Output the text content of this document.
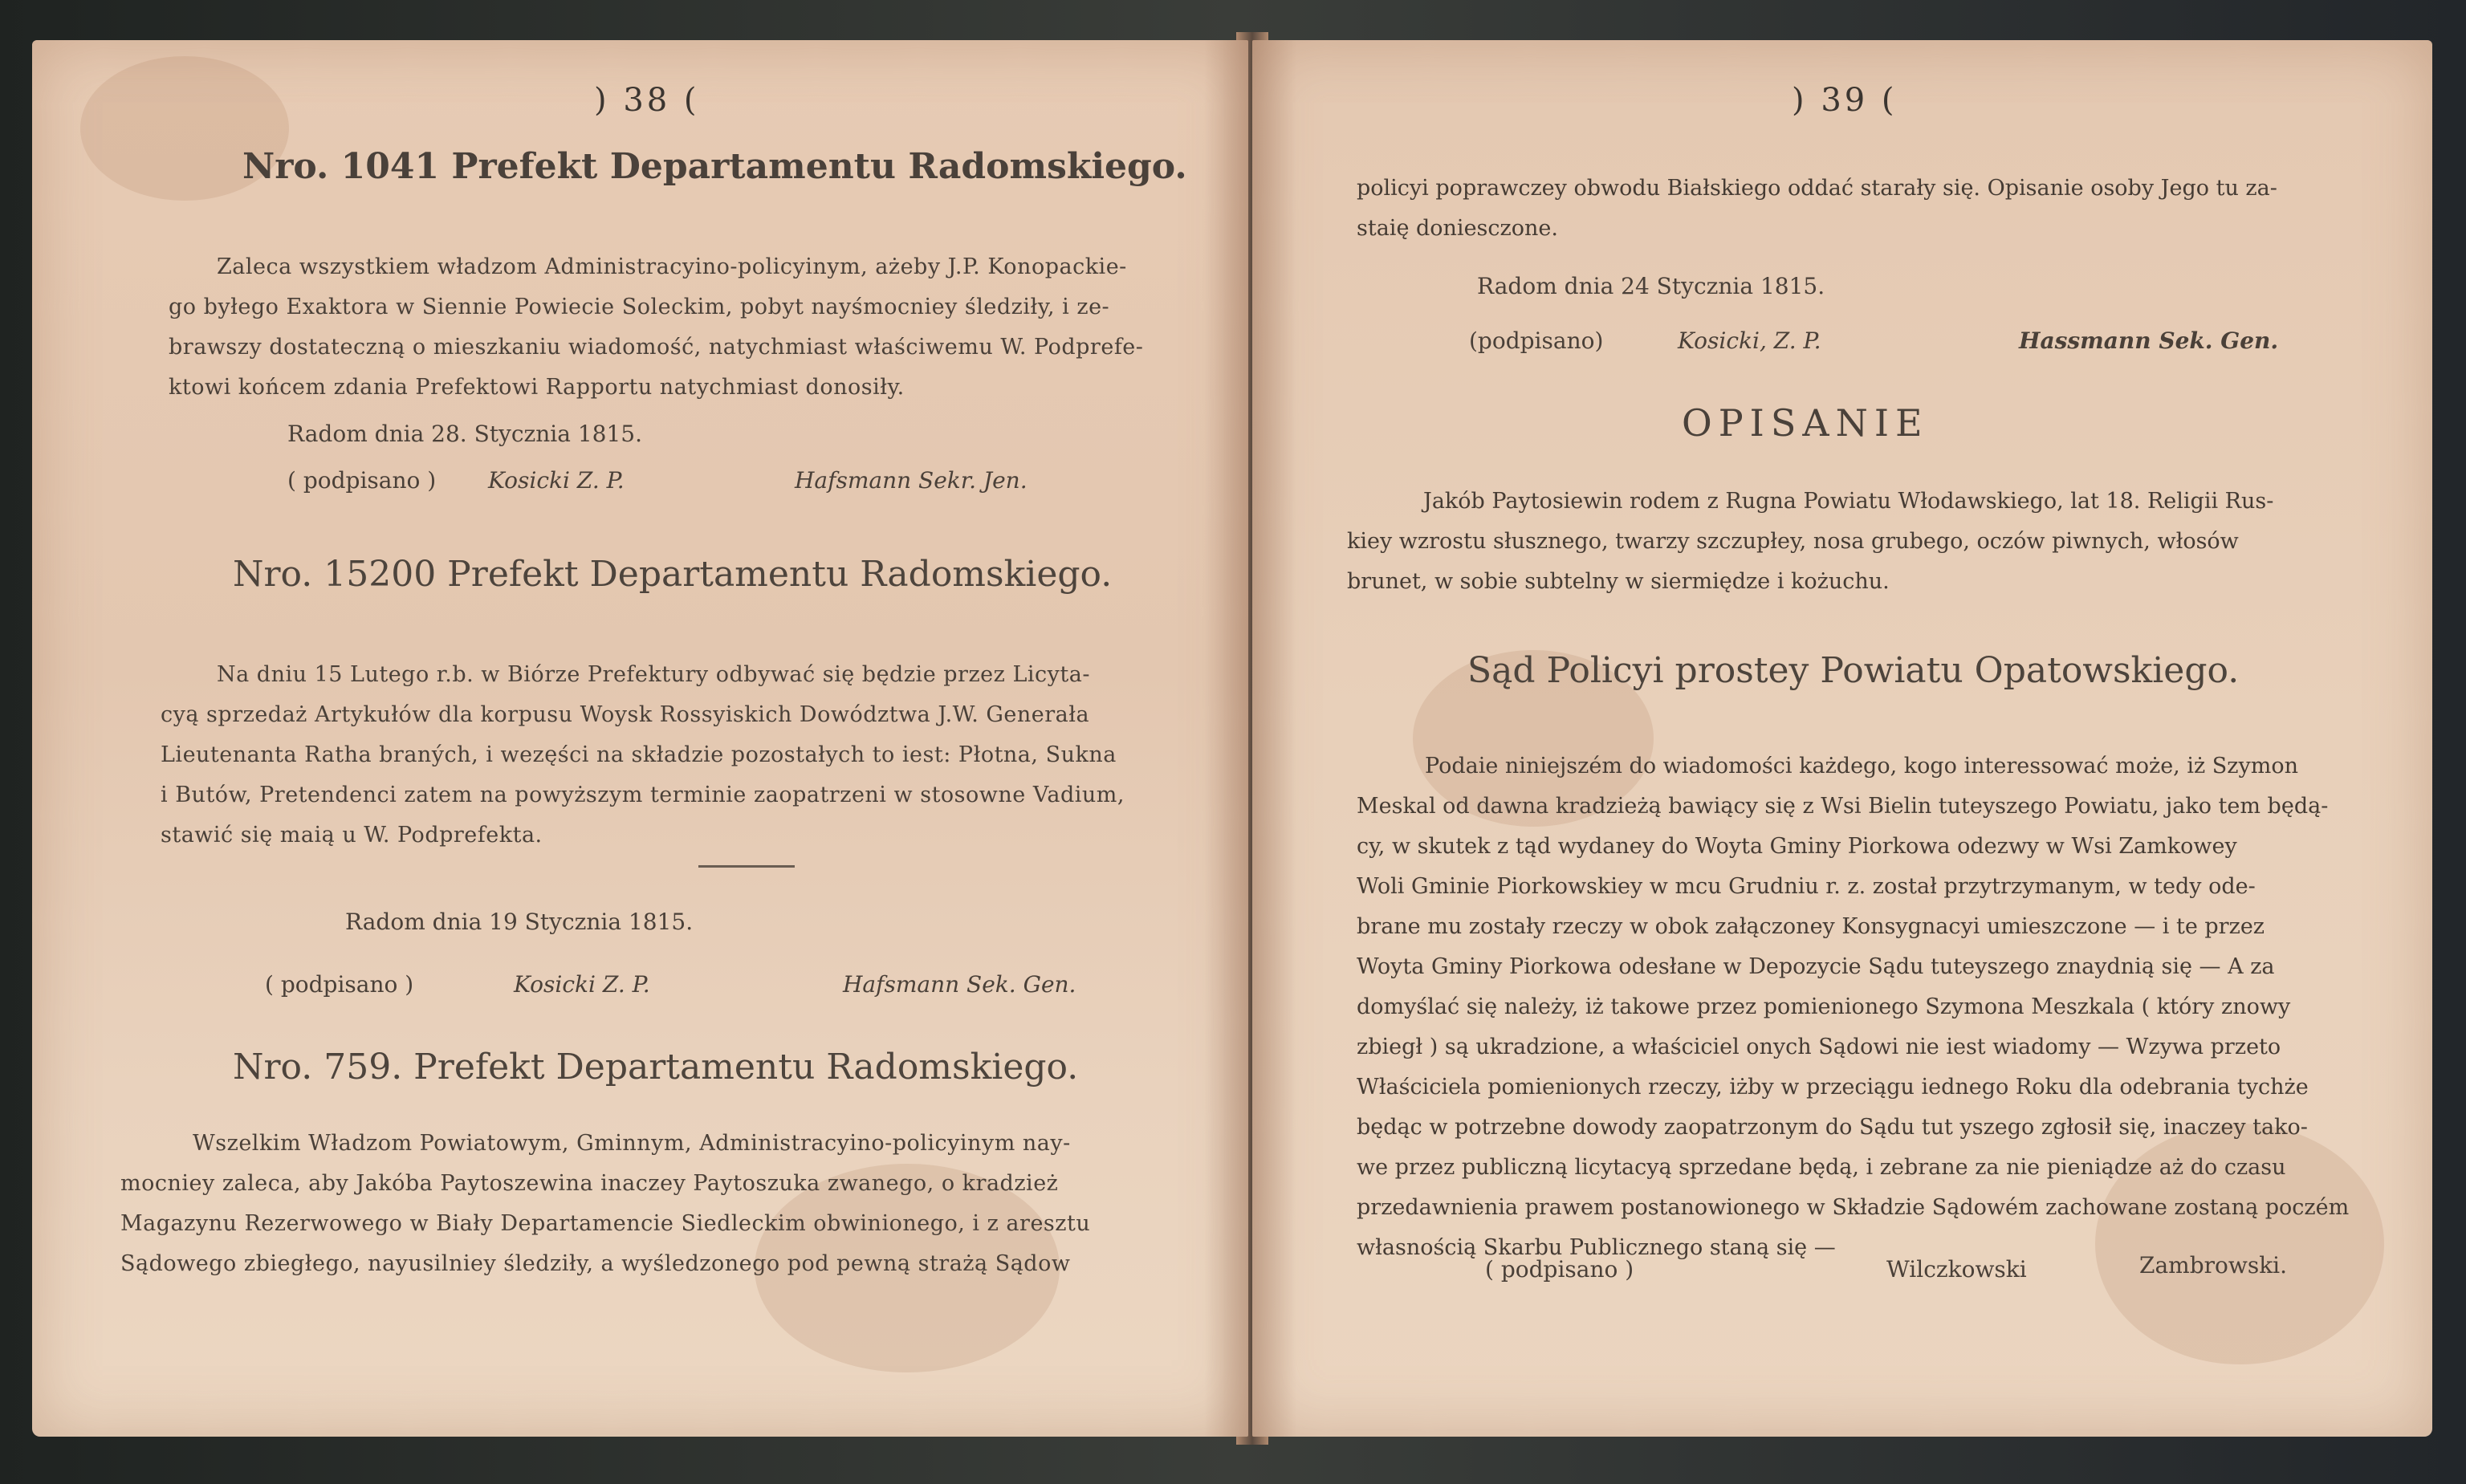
) 38 (
Nro. 1041 Prefekt Departamentu Radomskiego.
Zaleca wszystkiem władzom Administracyino-policyinym, ażeby J.P. Konopackie-
go byłego Exaktora w Siennie Powiecie Soleckim, pobyt nayśmocniey śledziły, i ze-
brawszy dostateczną o mieszkaniu wiadomość, natychmiast właściwemu W. Podprefe-
ktowi końcem zdania Prefektowi Rapportu natychmiast donosiły.
Radom dnia 28. Stycznia 1815.
( podpisano ) Kosicki Z. P.	Hafsmann Sekr. Jen.
Nro. 15200 Prefekt Departamentu Radomskiego.
Na dniu 15 Lutego r.b. w Biórze Prefektury odbywać się będzie przez Licyta-
cyą sprzedaż Artykułów dla korpusu Woysk Rossyiskich Dowództwa J.W. Generała
Lieutenanta Ratha braných, i wezęści na składzie pozostałych to iest: Płotna, Sukna
i Butów, Pretendenci zatem na powyższym terminie zaopatrzeni w stosowne Vadium,
stawić się maią u W. Podprefekta.
Radom dnia 19 Stycznia 1815.
( podpisano )	Kosicki Z. P.	Hafsmann Sek. Gen.
Nro. 759. Prefekt Departamentu Radomskiego.
Wszelkim Władzom Powiatowym, Gminnym, Administracyino-policyinym nay-
mocniey zaleca, aby Jakóba Paytoszewina inaczey Paytoszuka zwanego, o kradzież
Magazynu Rezerwowego w Biały Departamencie Siedleckim obwinionego, i z aresztu
Sądowego zbiegłego, nayusilniey śledziły, a wyśledzonego pod pewną strażą Sądow
) 39 (
policyi poprawczey obwodu Białskiego oddać starały się. Opisanie osoby Jego tu za-
staię doniesczone.
Radom dnia 24 Stycznia 1815.
(podpisano)	Kosicki, Z. P.	Hassmann Sek. Gen.
OPISANIE
Jakób Paytosiewin rodem z Rugna Powiatu Włodawskiego, lat 18. Religii Rus-
kiey wzrostu słusznego, twarzy szczupłey, nosa grubego, oczów piwnych, włosów
brunet, w sobie subtelny w siermiędze i kożuchu.
Sąd Policyi prostey Powiatu Opatowskiego.
Podaie niniejszém do wiadomości każdego, kogo interessować może, iż Szymon
Meskal od dawna kradzieżą bawiący się z Wsi Bielin tuteyszego Powiatu, jako tem będą-
cy, w skutek z tąd wydaney do Woyta Gminy Piorkowa odezwy w Wsi Zamkowey
Woli Gminie Piorkowskiey w mcu Grudniu r. z. został przytrzymanym, w tedy ode-
brane mu zostały rzeczy w obok załączoney Konsygnacyi umieszczone — i te przez
Woyta Gminy Piorkowa odesłane w Depozycie Sądu tuteyszego znaydnią się — A za
domyślać się należy, iż takowe przez pomienionego Szymona Meszkala ( który znowy
zbiegł ) są ukradzione, a właściciel onych Sądowi nie iest wiadomy — Wzywa przeto
Właściciela pomienionych rzeczy, iżby w przeciągu iednego Roku dla odebrania tychże
będąc w potrzebne dowody zaopatrzonym do Sądu tut yszego zgłosił się, inaczey tako-
we przez publiczną licytacyą sprzedane będą, i zebrane za nie pieniądze aż do czasu
przedawnienia prawem postanowionego w Składzie Sądowém zachowane zostaną poczém
własnością Skarbu Publicznego staną się —
( podpisano )	Wilczkowski	Zambrowski.
